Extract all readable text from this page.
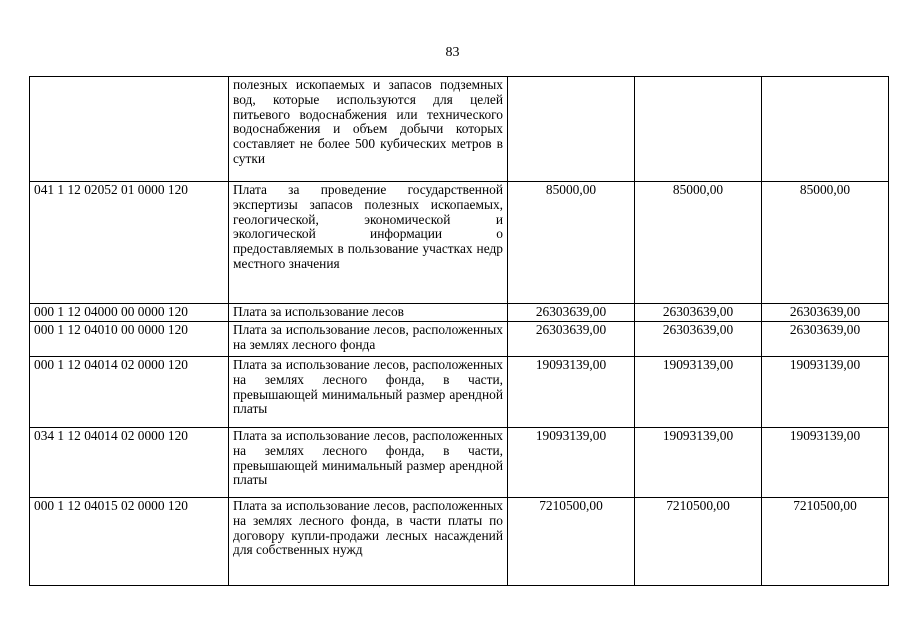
83
	полезных ископаемых и запасов подземных вод, которые используются для целей питьевого водоснабжения или технического водоснабжения и объем добычи которых составляет не более 500 кубических метров в сутки			
041 1 12 02052 01 0000 120	Плата за проведение государственной экспертизы запасов полезных ископаемых, геологической, экономической и экологической информации о предоставляемых в пользование участках недр местного значения	85000,00	85000,00	85000,00
000 1 12 04000 00 0000 120	Плата за использование лесов	26303639,00	26303639,00	26303639,00
000 1 12 04010 00 0000 120	Плата за использование лесов, расположенных на землях лесного фонда	26303639,00	26303639,00	26303639,00
000 1 12 04014 02 0000 120	Плата за использование лесов, расположенных на землях лесного фонда, в части, превышающей минимальный размер арендной платы	19093139,00	19093139,00	19093139,00
034 1 12 04014 02 0000 120	Плата за использование лесов, расположенных на землях лесного фонда, в части, превышающей минимальный размер арендной платы	19093139,00	19093139,00	19093139,00
000 1 12 04015 02 0000 120	Плата за использование лесов, расположенных на землях лесного фонда, в части платы по договору купли-продажи лесных насаждений для собственных нужд	7210500,00	7210500,00	7210500,00
